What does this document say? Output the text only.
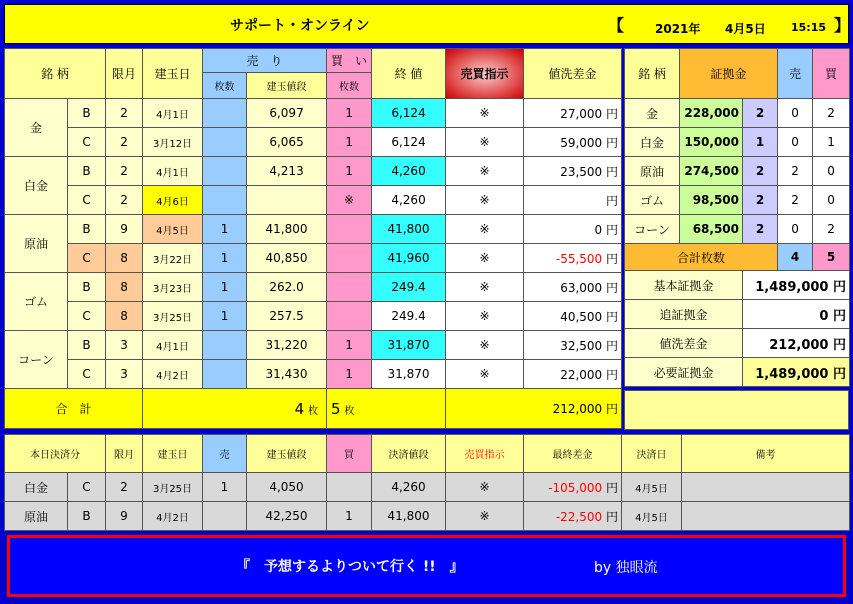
サポート・オンライン	【	2021年 4月5日 15:15 】
銘 柄		限月	建玉日	売　り		買　い	終 値	売買指示	値洗差金
				枚数	建玉値段	枚数			
金	B	2	4月1日		6,097	1	6,124	※	27,000 円
	C	2	3月12日		6,065	1	6,124	※	59,000 円
白金	B	2	4月1日		4,213	1	4,260	※	23,500 円
	C	2	4月6日			※	4,260	※	円
原油	B	9	4月5日	1	41,800		41,800	※	0 円
	C	8	3月22日	1	40,850		41,960	※	-55,500 円
ゴム	B	8	3月23日	1	262.0		249.4	※	63,000 円
	C	8	3月25日	1	257.5		249.4	※	40,500 円
コーン	B	3	4月1日		31,220	1	31,870	※	32,500 円
	C	3	4月2日		31,430	1	31,870	※	22,000 円
合　計			4 枚			5 枚		212,000 円	
銘 柄	証拠金		売	買
金	228,000	2	0	2
白金	150,000	1	0	1
原油	274,500	2	2	0
ゴム	98,500	2	2	0
コーン	68,500	2	0	2
合計枚数			4	5
基本証拠金		1,489,000 円		
追証拠金		0 円		
値洗差金		212,000 円		
必要証拠金		1,489,000 円		
本日決済分		限月	建玉日	売	建玉値段	買	決済値段	売買指示	最終差金	決済日	備考
白金	C	2	3月25日	1	4,050		4,260	※	-105,000 円	4月5日	
原油	B	9	4月2日		42,250	1	41,800	※	-22,500 円	4月5日	
『　予想するよりついて行く !!　』	by 独眼流
